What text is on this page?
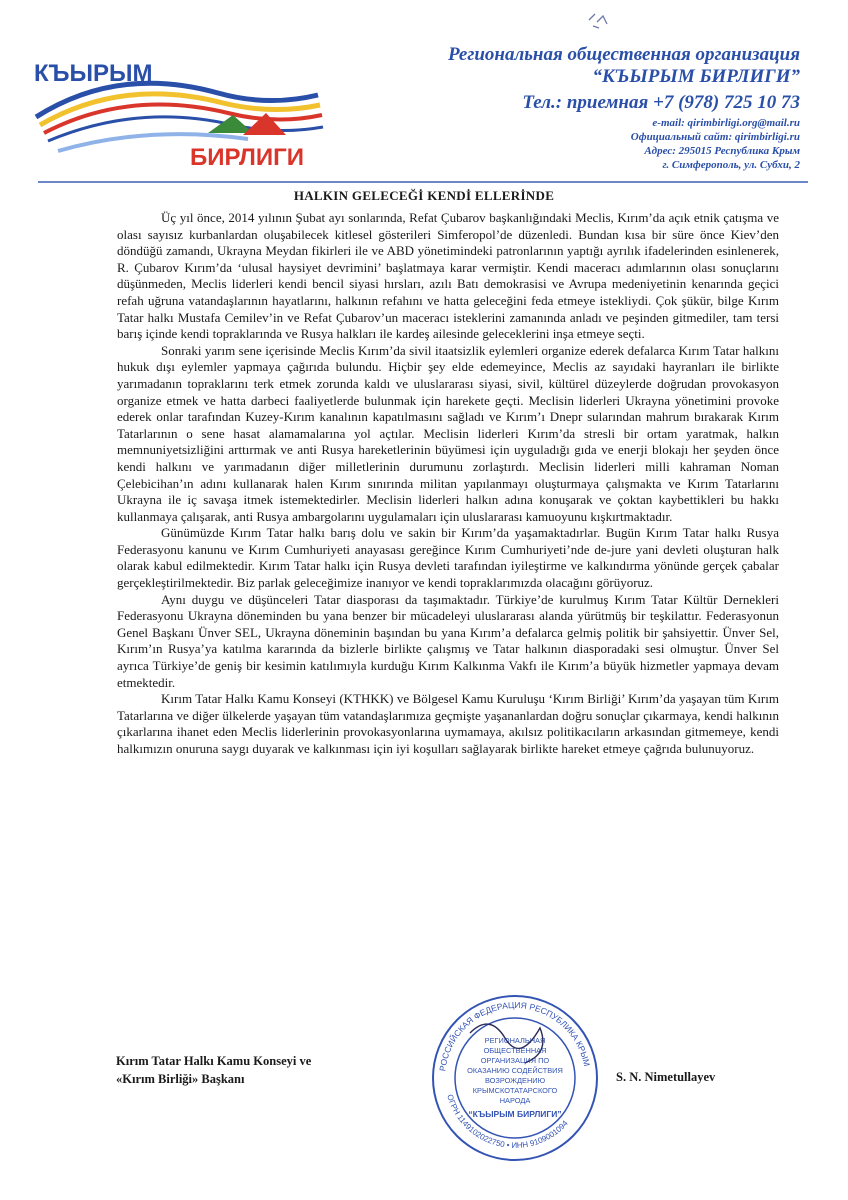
КЪЫРЫМ
БИРЛИГИ
Региональная общественная организация
“КЪЫРЫМ БИРЛИГИ”
Тел.: приемная +7 (978) 725 10 73
e-mail: qirimbirligi.org@mail.ru
Официальный сайт: qirimbirligi.ru
Адрес: 295015 Республика Крым
г. Симферополь, ул. Субхи, 2
HALKIN GELECEĞİ KENDİ ELLERİNDE

Üç yıl önce, 2014 yılının Şubat ayı sonlarında, Refat Çubarov başkanlığındaki Meclis, Kırım’da açık etnik çatışma ve olası sayısız kurbanlardan oluşabilecek kitlesel gösterileri Simferopol’de düzenledi. Bundan kısa bir süre önce Kiev’den döndüğü zamandı, Ukrayna Meydan fikirleri ile ve ABD yönetimindeki patronlarının yaptığı ayrılık ifadelerinden esinlenerek, R. Çubarov Kırım’da ‘ulusal haysiyet devrimini’ başlatmaya karar vermiştir. Kendi maceracı adımlarının olası sonuçlarını düşünmeden, Meclis liderleri kendi bencil siyasi hırsları, azılı Batı demokrasisi ve Avrupa medeniyetinin kenarında geçici refah uğruna vatandaşlarının hayatlarını, halkının refahını ve hatta geleceğini feda etmeye istekliydi. Çok şükür, bilge Kırım Tatar halkı Mustafa Cemilev’in ve Refat Çubarov’un maceracı isteklerini zamanında anladı ve peşinden gitmediler, tam tersi barış içinde kendi topraklarında ve Rusya halkları ile kardeş ailesinde geleceklerini inşa etmeye seçti.

Sonraki yarım sene içerisinde Meclis Kırım’da sivil itaatsizlik eylemleri organize ederek defalarca Kırım Tatar halkını hukuk dışı eylemler yapmaya çağırıda bulundu. Hiçbir şey elde edemeyince, Meclis az sayıdaki hayranları ile birlikte yarımadanın topraklarını terk etmek zorunda kaldı ve uluslararası siyasi, sivil, kültürel düzeylerde doğrudan provokasyon organize etmek ve hatta darbeci faaliyetlerde bulunmak için harekete geçti. Meclisin liderleri Ukrayna yönetimini provoke ederek onlar tarafından Kuzey-Kırım kanalının kapatılmasını sağladı ve Kırım’ı Dnepr sularından mahrum bırakarak Kırım Tatarlarının o sene hasat alamamalarına yol açtılar. Meclisin liderleri Kırım’da stresli bir ortam yaratmak, halkın memnuniyetsizliğini arttırmak ve anti Rusya hareketlerinin büyümesi için uyguladığı gıda ve enerji blokajı her şeyden önce kendi halkını ve yarımadanın diğer milletlerinin durumunu zorlaştırdı. Meclisin liderleri milli kahraman Noman Çelebicihan’ın adını kullanarak halen Kırım sınırında militan yapılanmayı oluşturmaya çalışmakta ve Kırım Tatarlarını Ukrayna ile iç savaşa itmek istemektedirler. Meclisin liderleri halkın adına konuşarak ve çoktan kaybettikleri bu hakkı kullanmaya çalışarak, anti Rusya ambargolarını uygulamaları için uluslararası kamuoyunu kışkırtmaktadır.

Günümüzde Kırım Tatar halkı barış dolu ve sakin bir Kırım’da yaşamaktadırlar. Bugün Kırım Tatar halkı Rusya Federasyonu kanunu ve Kırım Cumhuriyeti anayasası gereğince Kırım Cumhuriyeti’nde de-jure yani devleti oluşturan halk olarak kabul edilmektedir. Kırım Tatar halkı için Rusya devleti tarafından iyileştirme ve kalkındırma yönünde gerçek çabalar gerçekleştirilmektedir. Biz parlak geleceğimize inanıyor ve kendi topraklarımızda olacağını görüyoruz.

Aynı duygu ve düşünceleri Tatar diasporası da taşımaktadır. Türkiye’de kurulmuş Kırım Tatar Kültür Dernekleri Federasyonu Ukrayna döneminden bu yana benzer bir mücadeleyi uluslararası alanda yürütmüş bir teşkilattır. Federasyonun Genel Başkanı Ünver SEL, Ukrayna döneminin başından bu yana Kırım’a defalarca gelmiş politik bir şahsiyettir. Ünver Sel, Kırım’ın Rusya’ya katılma kararında da bizlerle birlikte çalışmış ve Tatar halkının diasporadaki sesi olmuştur. Ünver Sel ayrıca Türkiye’de geniş bir kesimin katılımıyla kurduğu Kırım Kalkınma Vakfı ile Kırım’a büyük hizmetler yapmaya devam etmektedir.

Kırım Tatar Halkı Kamu Konseyi (KTHKK) ve Bölgesel Kamu Kuruluşu ‘Kırım Birliği’ Kırım’da yaşayan tüm Kırım Tatarlarına ve diğer ülkelerde yaşayan tüm vatandaşlarımıza geçmişte yaşananlardan doğru sonuçlar çıkarmaya, kendi halkının çıkarlarına ihanet eden Meclis liderlerinin provokasyonlarına uymamaya, akılsız politikacıların arkasından gitmemeye, kendi halkımızın onuruna saygı duyarak ve kalkınması için iyi koşulları sağlayarak birlikte hareket etmeye çağrıda bulunuyoruz.

Kırım Tatar Halkı Kamu Konseyi ve
«Kırım Birliği» Başkanı
РОССИЙСКАЯ ФЕДЕРАЦИЯ РЕСПУБЛИКА КРЫМ
ОГРН 1149102022750 • ИНН 9109001094
РЕГИОНАЛЬНАЯ
ОБЩЕСТВЕННАЯ
ОРГАНИЗАЦИЯ ПО
ОКАЗАНИЮ СОДЕЙСТВИЯ
ВОЗРОЖДЕНИЮ
КРЫМСКОТАТАРСКОГО
НАРОДА
“КЪЫРЫМ БИРЛИГИ”
S. N. Nimetullayev
